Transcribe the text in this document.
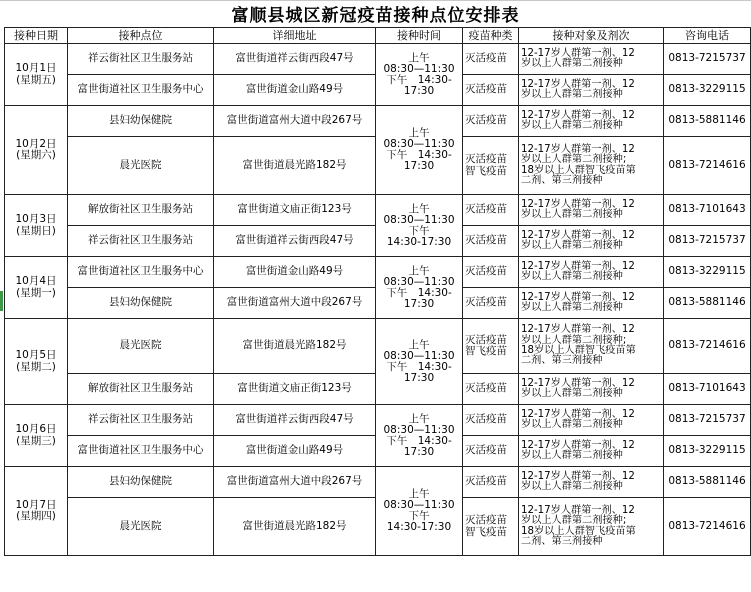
富顺县城区新冠疫苗接种点位安排表
接种日期	接种点位	详细地址	接种时间	疫苗种类	接种对象及剂次	咨询电话

10月1日
(星期五)	祥云街社区卫生服务站	富世街道祥云街西段47号	上午
08:30—11:30
下午　14:30-
17:30	灭活疫苗	12-17岁人群第一剂、12
岁以上人群第二剂接种	0813-7215737
	富世街道社区卫生服务中心	富世街道金山路49号		灭活疫苗	12-17岁人群第一剂、12
岁以上人群第二剂接种	0813-3229115

10月2日
(星期六)	县妇幼保健院	富世街道富州大道中段267号	上午
08:30—11:30
下午　14:30-
17:30	灭活疫苗	12-17岁人群第一剂、12
岁以上人群第二剂接种	0813-5881146
	晨光医院	富世街道晨光路182号		灭活疫苗
智飞疫苗	12-17岁人群第一剂、12
岁以上人群第二剂接种;
18岁以上人群智飞疫苗第
二剂、第三剂接种	0813-7214616

10月3日
(星期日)	解放街社区卫生服务站	富世街道文庙正街123号	上午
08:30—11:30
下午
14:30-17:30	灭活疫苗	12-17岁人群第一剂、12
岁以上人群第二剂接种	0813-7101643
	祥云街社区卫生服务站	富世街道祥云街西段47号		灭活疫苗	12-17岁人群第一剂、12
岁以上人群第二剂接种	0813-7215737

10月4日
(星期一)	富世街道社区卫生服务中心	富世街道金山路49号	上午
08:30—11:30
下午　14:30-
17:30	灭活疫苗	12-17岁人群第一剂、12
岁以上人群第二剂接种	0813-3229115
	县妇幼保健院	富世街道富州大道中段267号		灭活疫苗	12-17岁人群第一剂、12
岁以上人群第二剂接种	0813-5881146

10月5日
(星期二)	晨光医院	富世街道晨光路182号	上午
08:30—11:30
下午　14:30-
17:30	灭活疫苗
智飞疫苗	12-17岁人群第一剂、12
岁以上人群第二剂接种;
18岁以上人群智飞疫苗第
二剂、第三剂接种	0813-7214616
	解放街社区卫生服务站	富世街道文庙正街123号		灭活疫苗	12-17岁人群第一剂、12
岁以上人群第二剂接种	0813-7101643

10月6日
(星期三)	祥云街社区卫生服务站	富世街道祥云街西段47号	上午
08:30—11:30
下午　14:30-
17:30	灭活疫苗	12-17岁人群第一剂、12
岁以上人群第二剂接种	0813-7215737
	富世街道社区卫生服务中心	富世街道金山路49号		灭活疫苗	12-17岁人群第一剂、12
岁以上人群第二剂接种	0813-3229115

10月7日
(星期四)	县妇幼保健院	富世街道富州大道中段267号	上午
08:30—11:30
下午
14:30-17:30	灭活疫苗	12-17岁人群第一剂、12
岁以上人群第二剂接种	0813-5881146
	晨光医院	富世街道晨光路182号		灭活疫苗
智飞疫苗	12-17岁人群第一剂、12
岁以上人群第二剂接种;
18岁以上人群智飞疫苗第
二剂、第三剂接种	0813-7214616
